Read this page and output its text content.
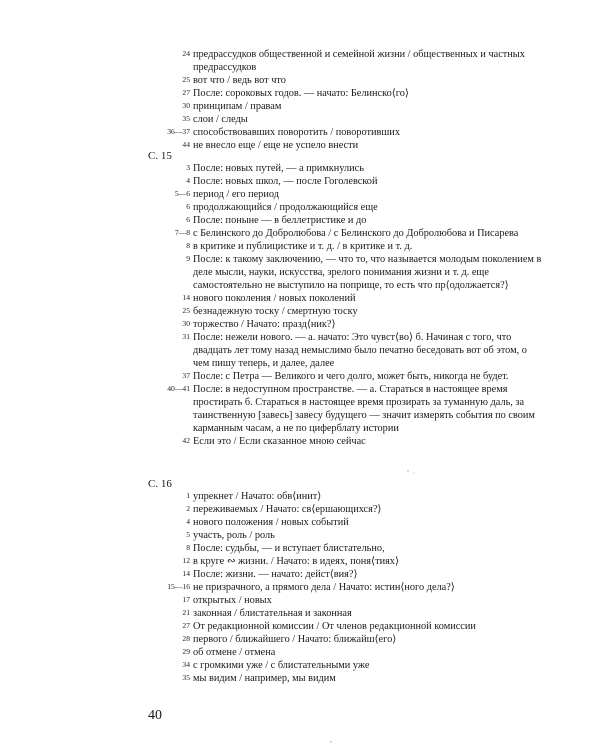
24 предрассудков общественной и семейной жизни / общественных и частных предрассудков
25 вот что / ведь вот что
27 После: сороковых годов. — начато: Белинско⟨го⟩
30 принципам / правам
35 слои / следы
36—37 способствовавших поворотить / поворотивших
44 не внесло еще / еще не успело внести
С. 15
3 После: новых путей, — а примкнулись
4 После: новых школ, — после Гоголевской
5—6 период / его период
6 продолжающийся / продолжающийся еще
6 После: поныне — в беллетристике и до
7—8 с Белинского до Добролюбова / с Белинского до Добролюбова и Писарева
8 в критике и публицистике и т. д. / в критике и т. д.
9 После: к такому заключению, — что то, что называется молодым поколением в деле мысли, науки, искусства, зрелого понимания жизни и т. д. еще самостоятельно не выступило на поприще, то есть что пр⟨одолжается?⟩
14 нового поколения / новых поколений
25 безнадежную тоску / смертную тоску
30 торжество / Начато: празд⟨ник?⟩
31 После: нежели нового. — а. начато: Это чувст⟨во⟩ б. Начиная с того, что двадцать лет тому назад немыслимо было печатно беседовать вот об этом, о чем пишу теперь, и далее, далее
37 После: с Петра — Великого и чего долго, может быть, никогда не будет.
40—41 После: в недоступном пространстве. — а. Стараться в настоящее время простирать б. Стараться в настоящее время прозирать за туманную даль, за таинственную [завесь] завесу будущего — значит измерять события по своим карманным часам, а не по циферблату истории
42 Если это / Если сказанное мною сейчас
С. 16
1 упрекнет / Начато: обв⟨инит⟩
2 переживаемых / Начато: св⟨ершающихся?⟩
4 нового положения / новых событий
5 участь, роль / роль
8 После: судьбы, — и вступает блистательно,
12 в круге ∾ жизни. / Начато: в идеях, поня⟨тиях⟩
14 После: жизни. — начато: дейст⟨вия?⟩
15—16 не призрачного, а прямого дела / Начато: истин⟨ного дела?⟩
17 открытых / новых
21 законная / блистательная и законная
27 От редакционной комиссии / От членов редакционной комиссии
28 первого / ближайшего / Начато: ближайш⟨его⟩
29 об отмене / отмена
34 с громкими уже / с блистательными уже
35 мы видим / например, мы видим
40
